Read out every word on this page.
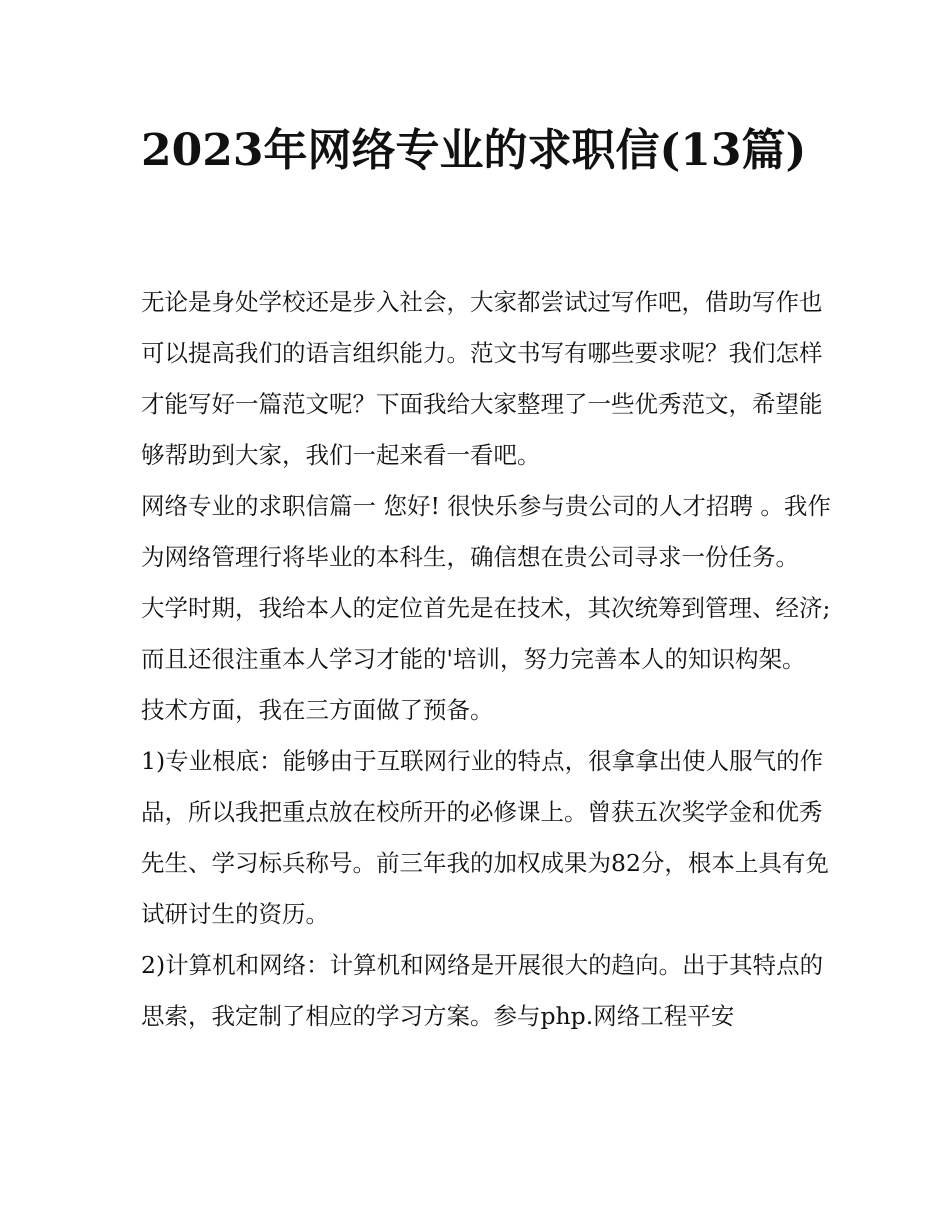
2023年网络专业的求职信(13篇)

无论是身处学校还是步入社会，大家都尝试过写作吧，借助写作也可以提高我们的语言组织能力。范文书写有哪些要求呢？我们怎样才能写好一篇范文呢？下面我给大家整理了一些优秀范文，希望能够帮助到大家，我们一起来看一看吧。

网络专业的求职信篇一 您好! 很快乐参与贵公司的人才招聘 。我作为网络管理行将毕业的本科生，确信想在贵公司寻求一份任务。

大学时期，我给本人的定位首先是在技术，其次统筹到管理、经济;而且还很注重本人学习才能的'培训，努力完善本人的知识构架。 技术方面，我在三方面做了预备。

1)专业根底：能够由于互联网行业的特点，很拿拿出使人服气的作品，所以我把重点放在校所开的必修课上。曾获五次奖学金和优秀先生、学习标兵称号。前三年我的加权成果为82分，根本上具有免试研讨生的资历。

2)计算机和网络：计算机和网络是开展很大的趋向。出于其特点的思索，我定制了相应的学习方案。参与php.网络工程平安
